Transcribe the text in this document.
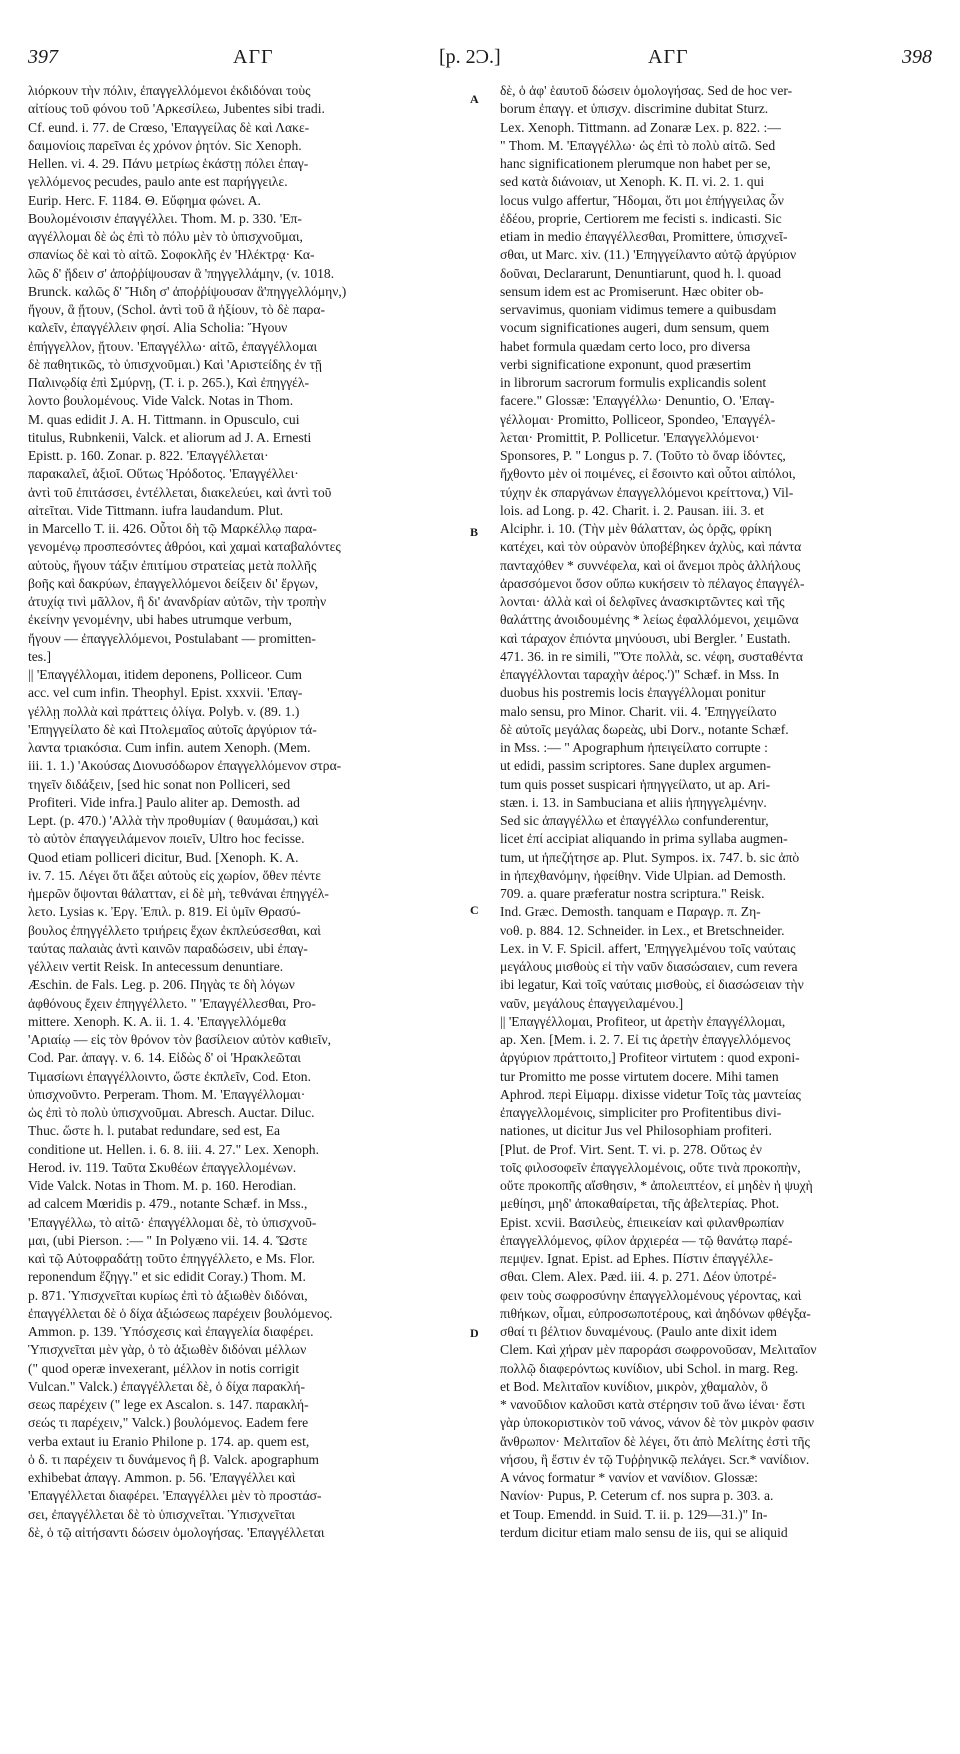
397	ΑΓΓ	[p. 2Ͻ.]	ΑΓΓ	398
λιόρκουν τὴν πόλιν, ἐπαγγελλόμενοι ἐκδιδόναι τοὺς
αἰτίους τοῦ φόνου τοῦ 'Αρκεσίλεω, Jubentes sibi tradi.
Cf. eund. i. 77. de Crœso, 'Επαγγείλας δὲ καὶ Λακε-
δαιμονίοις παρεῖναι ἐς χρόνον ῥητόν. Sic Xenoph.
Hellen. vi. 4. 29. Πάνυ μετρίως ἑκάστῃ πόλει ἐπαγ-
γελλόμενος pecudes, paulo ante est παρήγγειλε.
Eurip. Herc. F. 1184. Θ. Εὔφημα φώνει. Α.
Βουλομένοισιν ἐπαγγέλλει. Thom. M. p. 330. 'Επ-
αγγέλλομαι δὲ ὡς ἐπὶ τὸ πόλυ μὲν τὸ ὑπισχνοῦμαι,
σπανίως δὲ καὶ τὸ αἰτῶ. Σοφοκλῆς ἐν 'Ηλέκτρᾳ· Κα-
λῶς δ' ᾔδειν σ' ἀποῤῥίψουσαν ἃ 'πηγγελλάμην, (v. 1018.
Brunck. καλῶς δ' Ἤιδη σ' ἀποῤῥίψουσαν ἃ'πηγγελλόμην,)
ἤγουν, ἃ ᾔτουν, (Schol. ἀντὶ τοῦ ἃ ἠξίουν, τὸ δὲ παρα-
καλεῖν, ἐπαγγέλλειν φησί. Alia Scholia: Ἤγουν
ἐπήγγελλον, ᾔτουν. 'Επαγγέλλω· αἰτῶ, ἐπαγγέλλομαι
δὲ παθητικῶς, τὸ ὑπισχνοῦμαι.) Καὶ 'Αριστείδης ἐν τῇ
Παλινῳδίᾳ ἐπὶ Σμύρνῃ, (T. i. p. 265.), Καὶ ἐπηγγέλ-
λοντο βουλομένους. Vide Valck. Notas in Thom.
M. quas edidit J. A. H. Tittmann. in Opusculo, cui
titulus, Rubnkenii, Valck. et aliorum ad J. A. Ernesti
Epistt. p. 160. Zonar. p. 822. 'Επαγγέλλεται·
παρακαλεῖ, ἀξιοῖ. Οὕτως Ἡρόδοτος. 'Επαγγέλλει·
ἀντὶ τοῦ ἐπιτάσσει, ἐντέλλεται, διακελεύει, καὶ ἀντὶ τοῦ
αἰτεῖται. Vide Tittmann. iufra laudandum. Plut.
in Marcello T. ii. 426. Οὗτοι δὴ τῷ Μαρκέλλῳ παρα-
γενομένῳ προσπεσόντες ἀθρόοι, καὶ χαμαὶ καταβαλόντες
αὑτοὺς, ἤγουν τάξιν ἐπιτίμου στρατείας μετὰ πολλῆς
βοῆς καὶ δακρύων, ἐπαγγελλόμενοι δείξειν δι' ἔργων,
ἀτυχίᾳ τινὶ μᾶλλον, ἢ δι' ἀνανδρίαν αὐτῶν, τὴν τροπὴν
ἐκείνην γενομένην, ubi habes utrumque verbum,
ἤγουν — ἐπαγγελλόμενοι, Postulabant — promitten-
tes.]
|| 'Επαγγέλλομαι, itidem deponens, Polliceor. Cum
acc. vel cum infin. Theophyl. Epist. xxxvii. 'Επαγ-
γέλλῃ πολλὰ καὶ πράττεις ὀλίγα. Polyb. v. (89. 1.)
'Επηγγείλατο δὲ καὶ Πτολεμαῖος αὐτοῖς ἀργύριον τά-
λαντα τριακόσια. Cum infin. autem Xenoph. (Mem.
iii. 1. 1.) 'Ακούσας Διονυσόδωρον ἐπαγγελλόμενον στρα-
τηγεῖν διδάξειν, [sed hic sonat non Polliceri, sed
Profiteri. Vide infra.] Paulo aliter ap. Demosth. ad
Lept. (p. 470.) 'Αλλὰ τὴν προθυμίαν ( θαυμάσαι,) καὶ
τὸ αὑτὸν ἐπαγγειλάμενον ποιεῖν, Ultro hoc fecisse.
Quod etiam polliceri dicitur, Bud. [Xenoph. K. A.
iv. 7. 15. Λέγει ὅτι ἄξει αὐτοὺς εἰς χωρίον, ὅθεν πέντε
ἡμερῶν ὄψονται θάλατταν, εἰ δὲ μὴ, τεθνάναι ἐπηγγέλ-
λετο. Lysias κ. Ἐργ. Ἐπιλ. p. 819. Εἰ ὑμῖν Θρασύ-
βουλος ἐπηγγέλλετο τριήρεις ἔχων ἐκπλεύσεσθαι, καὶ
ταύτας παλαιὰς ἀντὶ καινῶν παραδώσειν, ubi ἐπαγ-
γέλλειν vertit Reisk. In antecessum denuntiare.
Æschin. de Fals. Leg. p. 206. Πηγὰς τε δὴ λόγων
ἀφθόνους ἔχειν ἐπηγγέλλετο. " 'Επαγγέλλεσθαι, Pro-
mittere. Xenoph. K. A. ii. 1. 4. 'Επαγγελλόμεθα
'Αριαίῳ — εἰς τὸν θρόνον τὸν βασίλειον αὐτὸν καθιεῖν,
Cod. Par. ἀπαγγ. v. 6. 14. Εἰδὼς δ' οἱ 'Ηρακλεῶται
Τιμασίωνι ἐπαγγέλλοιντο, ὥστε ἐκπλεῖν, Cod. Eton.
ὑπισχνοῦντο. Perperam. Thom. M. 'Επαγγέλλομαι·
ὡς ἐπὶ τὸ πολὺ ὑπισχνοῦμαι. Abresch. Auctar. Diluc.
Thuc. ὥστε h. l. putabat redundare, sed est, Ea
conditione ut. Hellen. i. 6. 8. iii. 4. 27." Lex. Xenoph.
Herod. iv. 119. Ταῦτα Σκυθέων ἐπαγγελλομένων.
Vide Valck. Notas in Thom. M. p. 160. Herodian.
ad calcem Mœridis p. 479., notante Schæf. in Mss.,
'Επαγγέλλω, τὸ αἰτῶ· ἐπαγγέλλομαι δὲ, τὸ ὑπισχνοῦ-
μαι, (ubi Pierson. :— " In Polyæno vii. 14. 4. Ὥστε
καὶ τῷ Αὐτοφραδάτῃ τοῦτο ἐπηγγέλλετο, e Ms. Flor.
reponendum ἔζηγγ." et sic edidit Coray.) Thom. M.
p. 871. Ὑπισχνεῖται κυρίως ἐπὶ τὸ ἀξιωθὲν διδόναι,
ἐπαγγέλλεται δὲ ὁ δίχα ἀξιώσεως παρέχειν βουλόμενος.
Ammon. p. 139. Ὑπόσχεσις καὶ ἐπαγγελία διαφέρει.
Ὑπισχνεῖται μὲν γὰρ, ὁ τὸ ἀξιωθὲν διδόναι μέλλων
(" quod operæ invexerant, μέλλον in notis corrigit
Vulcan." Valck.) ἐπαγγέλλεται δὲ, ὁ δίχα παρακλή-
σεως παρέχειν (" lege ex Ascalon. s. 147. παρακλή-
σεώς τι παρέχειν," Valck.) βουλόμενος. Eadem fere
verba extaut iu Eranio Philone p. 174. ap. quem est,
ὁ δ. τι παρέχειν τι δυνάμενος ἢ β. Valck. apographum
exhibebat ἀπαγγ. Ammon. p. 56. 'Επαγγέλλει καὶ
'Επαγγέλλεται διαφέρει. 'Επαγγέλλει μὲν τὸ προστάσ-
σει, ἐπαγγέλλεται δὲ τὸ ὑπισχνεῖται. Ὑπισχνεῖται
δὲ, ὁ τῷ αἰτήσαντι δώσειν ὁμολογήσας. 'Επαγγέλλεται
δὲ, ὁ ἀφ' ἑαυτοῦ δώσειν ὁμολογήσας. Sed de hoc ver-
borum ἐπαγγ. et ὑπισχν. discrimine dubitat Sturz.
Lex. Xenoph. Tittmann. ad Zonaræ Lex. p. 822. :—
" Thom. M. 'Επαγγέλλω· ὡς ἐπὶ τὸ πολὺ αἰτῶ. Sed
hanc significationem plerumque non habet per se,
sed κατὰ διάνοιαν, ut Xenoph. K. Π. vi. 2. 1. qui
locus vulgo affertur, Ἥδομαι, ὅτι μοι ἐπήγγειλας ὧν
ἐδέου, proprie, Certiorem me fecisti s. indicasti. Sic
etiam in medio ἐπαγγέλλεσθαι, Promittere, ὑπισχνεῖ-
σθαι, ut Marc. xiv. (11.) 'Επηγγείλαντο αὐτῷ ἀργύριον
δοῦναι, Declararunt, Denuntiarunt, quod h. l. quoad
sensum idem est ac Promiserunt. Hæc obiter ob-
servavimus, quoniam vidimus temere a quibusdam
vocum significationes augeri, dum sensum, quem
habet formula quædam certo loco, pro diversa
verbi significatione exponunt, quod præsertim
in librorum sacrorum formulis explicandis solent
facere." Glossæ: 'Επαγγέλλω· Denuntio, O. 'Επαγ-
γέλλομαι· Promitto, Polliceor, Spondeo, 'Επαγγέλ-
λεται· Promittit, P. Pollicetur. 'Επαγγελλόμενοι·
Sponsores, P. " Longus p. 7. (Τοῦτο τὸ ὄναρ ἰδόντες,
ἤχθοντο μὲν οἱ ποιμένες, εἰ ἔσοιντο καὶ οὗτοι αἰπόλοι,
τύχην ἐκ σπαργάνων ἐπαγγελλόμενοι κρείττονα,) Vil-
lois. ad Long. p. 42. Charit. i. 2. Pausan. iii. 3. et
Alciphr. i. 10. (Τὴν μὲν θάλατταν, ὡς ὁρᾷς, φρίκη
κατέχει, καὶ τὸν οὐρανὸν ὑποβέβηκεν ἀχλὺς, καὶ πάντα
πανταχόθεν * συννέφελα, καὶ οἱ ἄνεμοι πρὸς ἀλλήλους
ἀρασσόμενοι ὅσον οὔπω κυκήσειν τὸ πέλαγος ἐπαγγέλ-
λονται· ἀλλὰ καὶ οἱ δελφῖνες ἀνασκιρτῶντες καὶ τῆς
θαλάττης ἀνοιδουμένης * λείως ἐφαλλόμενοι, χειμῶνα
καὶ τάραχον ἐπιόντα μηνύουσι, ubi Bergler. ' Eustath.
471. 36. in re simili, "Ὅτε πολλὰ, sc. νέφη, συσταθέντα
ἐπαγγέλλονται ταραχὴν ἀέρος.')" Schæf. in Mss. In
duobus his postremis locis ἐπαγγέλλομαι ponitur
malo sensu, pro Minor. Charit. vii. 4. 'Επηγγείλατο
δὲ αὐτοῖς μεγάλας δωρεὰς, ubi Dorv., notante Schæf.
in Mss. :— " Apographum ἠπειγείλατο corrupte :
ut edidi, passim scriptores. Sane duplex argumen-
tum quis posset suspicari ἠπηγγείλατο, ut ap. Ari-
stæn. i. 13. in Sambuciana et aliis ἠπηγγελμένην.
Sed sic ἀπαγγέλλω et ἐπαγγέλλω confunderentur,
licet ἐπί accipiat aliquando in prima syllaba augmen-
tum, ut ἠπεζήτησε ap. Plut. Sympos. ix. 747. b. sic ἀπὸ
in ἠπεχθανόμην, ἠφείθην. Vide Ulpian. ad Demosth.
709. a. quare præferatur nostra scriptura." Reisk.
Ind. Græc. Demosth. tanquam e Παραγρ. π. Ζη-
νοθ. p. 884. 12. Schneider. in Lex., et Bretschneider.
Lex. in V. F. Spicil. affert, 'Επηγγελμένου τοῖς ναύταις
μεγάλους μισθοὺς εἰ τὴν ναῦν διασώσαιεν, cum revera
ibi legatur, Καὶ τοῖς ναύταις μισθοὺς, εἰ διασώσειαν τὴν
ναῦν, μεγάλους ἐπαγγειλαμένου.]
|| 'Επαγγέλλομαι, Profiteor, ut ἀρετὴν ἐπαγγέλλομαι,
ap. Xen. [Mem. i. 2. 7. Εἰ τις ἀρετὴν ἐπαγγελλόμενος
ἀργύριον πράττοιτο,] Profiteor virtutem : quod exponi-
tur Promitto me posse virtutem docere. Mihi tamen
Aphrod. περὶ Εἱμαρμ. dixisse videtur Τοῖς τὰς μαντείας
ἐπαγγελλομένοις, simpliciter pro Profitentibus divi-
nationes, ut dicitur Jus vel Philosophiam profiteri.
[Plut. de Prof. Virt. Sent. T. vi. p. 278. Οὕτως ἐν
τοῖς φιλοσοφεῖν ἐπαγγελλομένοις, οὔτε τινὰ προκοπὴν,
οὔτε προκοπῆς αἴσθησιν, * ἀπολειπτέον, εἰ μηδὲν ἡ ψυχὴ
μεθίησι, μηδ' ἀποκαθαίρεται, τῆς ἀβελτερίας. Phot.
Epist. xcvii. Βασιλεὺς, ἐπιεικείαν καὶ φιλανθρωπίαν
ἐπαγγελλόμενος, φίλον ἀρχιερέα — τῷ θανάτῳ παρέ-
πεμψεν. Ignat. Epist. ad Ephes. Πίστιν ἐπαγγέλλε-
σθαι. Clem. Alex. Pæd. iii. 4. p. 271. Δέον ὑποτρέ-
φειν τοὺς σωφροσύνην ἐπαγγελλομένους γέροντας, καὶ
πιθήκων, οἶμαι, εὐπροσωποτέρους, καὶ ἀηδόνων φθέγξα-
σθαί τι βέλτιον δυναμένους. (Paulo ante dixit idem
Clem. Καὶ χήραν μὲν παροράσι σωφρονοῦσαν, Μελιταῖον
πολλῷ διαφερόντως κυνίδιον, ubi Schol. in marg. Reg.
et Bod. Μελιταῖον κυνίδιον, μικρὸν, χθαμαλὸν, ὃ
* νανοῦδιον καλοῦσι κατὰ στέρησιν τοῦ ἄνω ἰέναι· ἔστι
γὰρ ὑποκοριστικὸν τοῦ νάνος, νάνον δὲ τὸν μικρὸν φασιν
ἄνθρωπον· Μελιταῖον δὲ λέγει, ὅτι ἀπὸ Μελίτης ἐστὶ τῆς
νήσου, ἣ ἔστιν ἐν τῷ Τυῤῥηνικῷ πελάγει. Scr.* νανίδιον.
A νάνος formatur * νανίον et νανίδιον. Glossæ:
Νανίον· Pupus, P. Ceterum cf. nos supra p. 303. a.
et Toup. Emendd. in Suid. T. ii. p. 129—31.)" In-
terdum dicitur etiam malo sensu de iis, qui se aliquid
A
B
C
D
